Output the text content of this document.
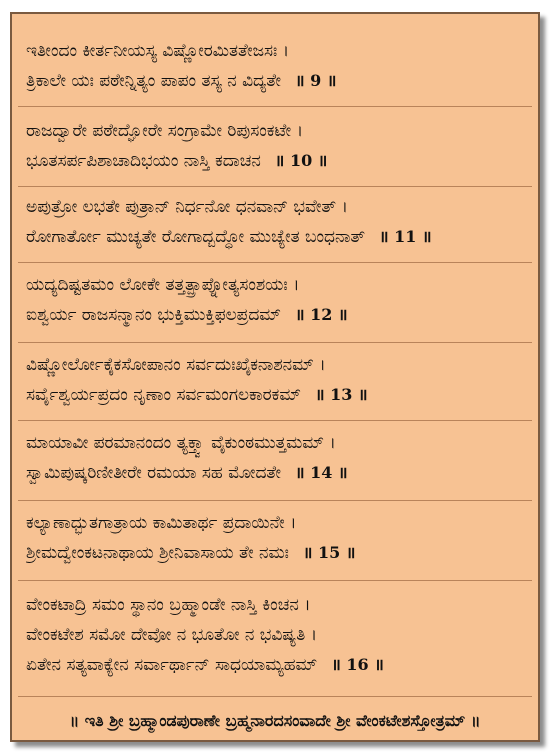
ಇತೀಂದಂ ಕೀರ್ತನೀಯಸ್ಯ ವಿಷ್ಣೋರಮಿತತೇಜಸಃ ।
ತ್ರಿಕಾಲೇ ಯಃ ಪಠೇನ್ನಿತ್ಯಂ ಪಾಪಂ ತಸ್ಯ ನ ವಿದ್ಯತೇ ॥ 9 ॥
ರಾಜದ್ವಾರೇ ಪಠೇದ್ಘೋರೇ ಸಂಗ್ರಾಮೇ ರಿಪುಸಂಕಟೇ ।
ಭೂತಸರ್ಪಪಿಶಾಚಾದಿಭಯಂ ನಾಸ್ತಿ ಕದಾಚನ ॥ 10 ॥
ಅಪುತ್ರೋ ಲಭತೇ ಪುತ್ರಾನ್ ನಿರ್ಧನೋ ಧನವಾನ್ ಭವೇತ್ ।
ರೋಗಾರ್ತೋ ಮುಚ್ಯತೇ ರೋಗಾದ್ಬದ್ಧೋ ಮುಚ್ಯೇತ ಬಂಧನಾತ್ ॥ 11 ॥
ಯದ್ಯದಿಷ್ಟತಮಂ ಲೋಕೇ ತತ್ತತ್ಪ್ರಾಪ್ನೋತ್ಯಸಂಶಯಃ ।
ಐಶ್ವರ್ಯ ರಾಜಸನ್ಮಾನಂ ಭುಕ್ತಿಮುಕ್ತಿಫಲಪ್ರದಮ್ ॥ 12 ॥
ವಿಷ್ಣೋರ್ಲೋಕೈಕಸೋಪಾನಂ ಸರ್ವದುಃಖೈಕನಾಶನಮ್ ।
ಸರ್ವೈಶ್ವರ್ಯಪ್ರದಂ ನೃಣಾಂ ಸರ್ವಮಂಗಲಕಾರಕಮ್ ॥ 13 ॥
ಮಾಯಾವೀ ಪರಮಾನಂದಂ ತ್ಯಕ್ತ್ವಾ ವೈಕುಂಠಮುತ್ತಮಮ್ ।
ಸ್ವಾಮಿಪುಷ್ಕರಿಣೀತೀರೇ ರಮಯಾ ಸಹ ಮೋದತೇ ॥ 14 ॥
ಕಲ್ಯಾಣಾದ್ಭುತಗಾತ್ರಾಯ ಕಾಮಿತಾರ್ಥ ಪ್ರದಾಯಿನೇ ।
ಶ್ರೀಮದ್ವೇಂಕಟನಾಥಾಯ ಶ್ರೀನಿವಾಸಾಯ ತೇ ನಮಃ ॥ 15 ॥
ವೇಂಕಟಾದ್ರಿ ಸಮಂ ಸ್ಥಾನಂ ಬ್ರಹ್ಮಾಂಡೇ ನಾಸ್ತಿ ಕಿಂಚನ ।
ವೇಂಕಟೇಶ ಸಮೋ ದೇವೋ ನ ಭೂತೋ ನ ಭವಿಷ್ಯತಿ ।
ಏತೇನ ಸತ್ಯವಾಕ್ಯೇನ ಸರ್ವಾರ್ಥಾನ್ ಸಾಧಯಾಮ್ಯಹಮ್ ॥ 16 ॥
॥ ಇತಿ ಶ್ರೀ ಬ್ರಹ್ಮಾಂಡಪುರಾಣೇ ಬ್ರಹ್ಮನಾರದಸಂವಾದೇ ಶ್ರೀ ವೇಂಕಟೇಶಸ್ತೋತ್ರಮ್ ॥
